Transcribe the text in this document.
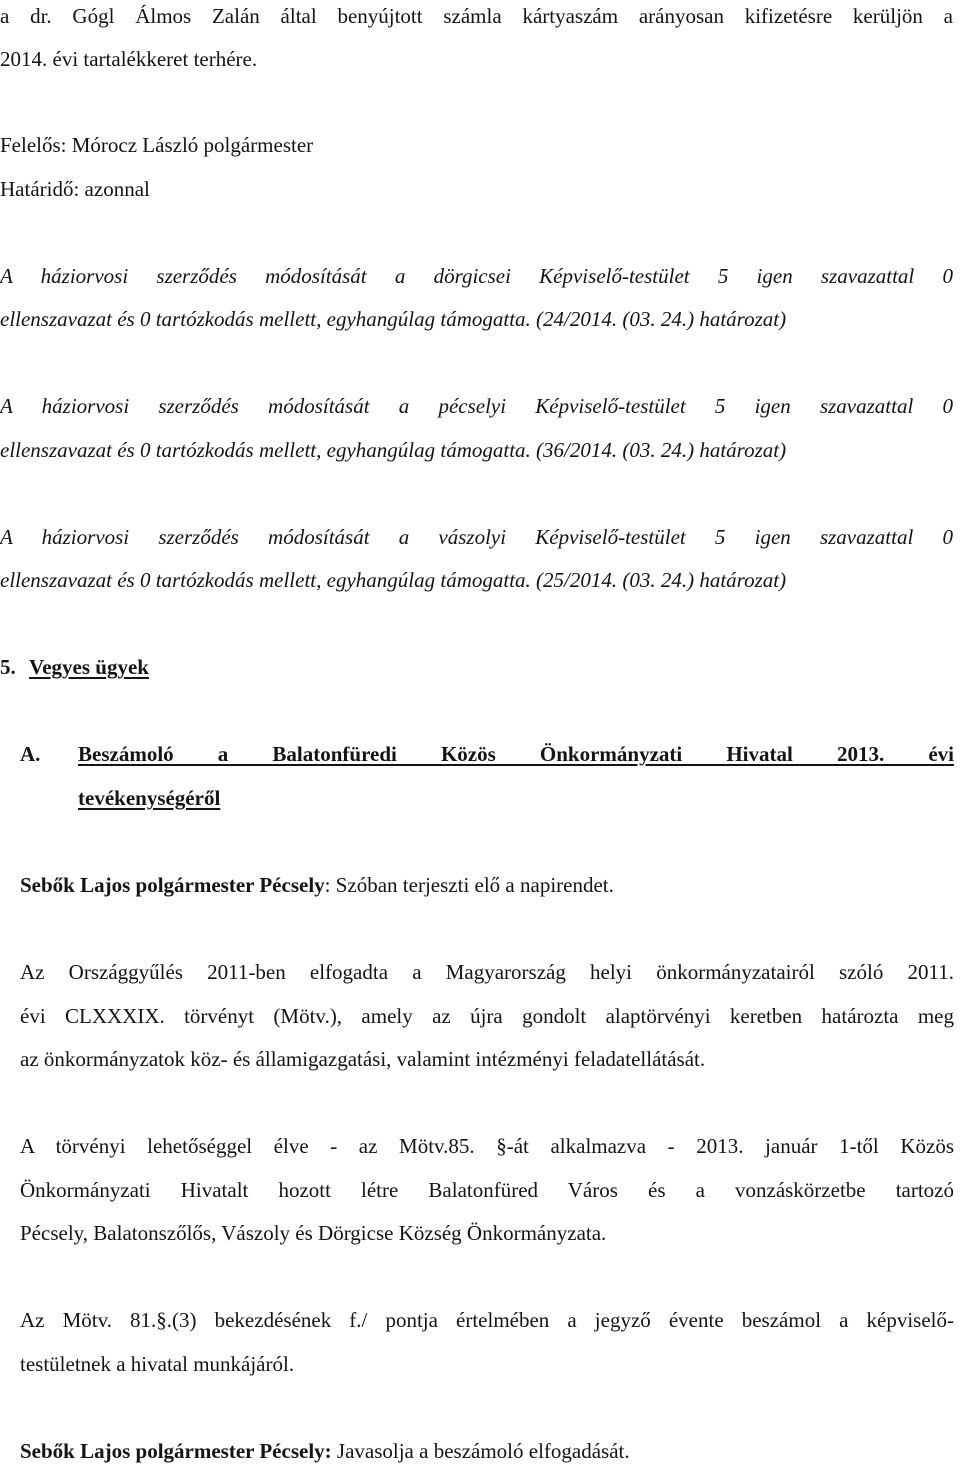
a dr. Gógl Álmos Zalán által benyújtott számla kártyaszám arányosan kifizetésre kerüljön a
2014. évi tartalékkeret terhére.
Felelős: Mórocz László polgármester
Határidő: azonnal
A háziorvosi szerződés módosítását a dörgicsei Képviselő-testület 5 igen szavazattal 0
ellenszavazat és 0 tartózkodás mellett, egyhangúlag támogatta. (24/2014. (03. 24.) határozat)
A háziorvosi szerződés módosítását a pécselyi Képviselő-testület 5 igen szavazattal 0
ellenszavazat és 0 tartózkodás mellett, egyhangúlag támogatta. (36/2014. (03. 24.) határozat)
A háziorvosi szerződés módosítását a vászolyi Képviselő-testület 5 igen szavazattal 0
ellenszavazat és 0 tartózkodás mellett, egyhangúlag támogatta. (25/2014. (03. 24.) határozat)
5. Vegyes ügyek
A. Beszámoló a Balatonfüredi Közös Önkormányzati Hivatal 2013. évi
tevékenységéről
Sebők Lajos polgármester Pécsely: Szóban terjeszti elő a napirendet.
Az Országgyűlés 2011-ben elfogadta a Magyarország helyi önkormányzatairól szóló 2011.
évi CLXXXIX. törvényt (Mötv.), amely az újra gondolt alaptörvényi keretben határozta meg
az önkormányzatok köz- és államigazgatási, valamint intézményi feladatellátását.
A törvényi lehetőséggel élve - az Mötv.85. §-át alkalmazva - 2013. január 1-től Közös
Önkormányzati Hivatalt hozott létre Balatonfüred Város és a vonzáskörzetbe tartozó
Pécsely, Balatonszőlős, Vászoly és Dörgicse Község Önkormányzata.
Az Mötv. 81.§.(3) bekezdésének f./ pontja értelmében a jegyző évente beszámol a képviselő-
testületnek a hivatal munkájáról.
Sebők Lajos polgármester Pécsely: Javasolja a beszámoló elfogadását.
